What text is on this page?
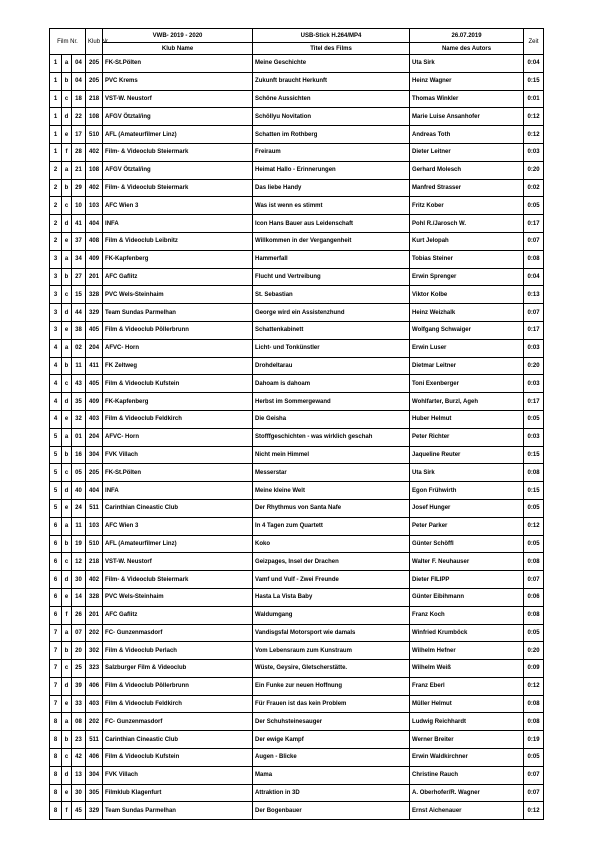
Film Nr.			Klub Nr.	VWB- 2019 - 2020	USB-Stick H.264/MP4	26.07.2019	Zeit
				Klub Name	Titel des Films	Name des Autors	
1	a	04	205	FK-St.Pölten	Meine Geschichte	Uta Sirk	0:04
1	b	04	205	PVC Krems	Zukunft braucht Herkunft	Heinz Wagner	0:15
1	c	18	218	VST-W. Neustorf	Schöne Aussichten	Thomas Winkler	0:01
1	d	22	108	AFGV Ötztal/ing	Schöllyu Novitation	Marie Luise Ansanhofer	0:12
1	e	17	510	AFL (Amateurfilmer Linz)	Schatten im Rothberg	Andreas Toth	0:12
1	f	28	402	Film- & Videoclub Steiermark	Freiraum	Dieter Leitner	0:03
2	a	21	108	AFGV Ötztal/ing	Heimat Hallo - Erinnerungen	Gerhard Molesch	0:20
2	b	29	402	Film- & Videoclub Steiermark	Das liebe Handy	Manfred Strasser	0:02
2	c	10	103	AFC Wien 3	Was ist wenn es stimmt	Fritz Kober	0:05
2	d	41	404	INFA	Icon Hans Bauer aus Leidenschaft	Pohl R./Jarosch W.	0:17
2	e	37	408	Film & Videoclub Leibnitz	Willkommen in der Vergangenheit	Kurt Jelopah	0:07
3	a	34	409	FK-Kapfenberg	Hammerfall	Tobias Steiner	0:08
3	b	27	201	AFC Gaflitz	Flucht und Vertreibung	Erwin Sprenger	0:04
3	c	15	328	PVC Wels-Steinhaim	St. Sebastian	Viktor Kolbe	0:13
3	d	44	329	Team Sundas Parmelhan	George wird ein Assistenzhund	Heinz Weizhalk	0:07
3	e	38	405	Film & Videoclub Pöllerbrunn	Schattenkabinett	Wolfgang Schwaiger	0:17
4	a	02	204	AFVC- Horn	Licht- und Tonkünstler	Erwin Luser	0:03
4	b	11	411	FK Zeltweg	Drohdeltarau	Dietmar Leitner	0:20
4	c	43	405	Film & Videoclub Kufstein	Dahoam is dahoam	Toni Exenberger	0:03
4	d	35	409	FK-Kapfenberg	Herbst im Sommergewand	Wohlfarter, Burzl, Ageh	0:17
4	e	32	403	Film & Videoclub Feldkirch	Die Geisha	Huber Helmut	0:05
5	a	01	204	AFVC- Horn	Stofffgeschichten - was wirklich geschah	Peter Richter	0:03
5	b	16	304	FVK Villach	Nicht mein Himmel	Jaqueline Reuter	0:15
5	c	05	205	FK-St.Pölten	Messerstar	Uta Sirk	0:08
5	d	40	404	INFA	Meine kleine Welt	Egon Frühwirth	0:15
5	e	24	511	Carinthian Cineastic Club	Der Rhythmus von Santa Nafe	Josef Hunger	0:05
6	a	11	103	AFC Wien 3	In 4 Tagen zum Quartett	Peter Parker	0:12
6	b	19	510	AFL (Amateurfilmer Linz)	Koko	Günter Schöffl	0:05
6	c	12	218	VST-W. Neustorf	Geizpages, Insel der Drachen	Walter F. Neuhauser	0:08
6	d	30	402	Film- & Videoclub Steiermark	Vamf und Vulf - Zwei Freunde	Dieter FILIPP	0:07
6	e	14	328	PVC Wels-Steinhaim	Hasta La Vista Baby	Günter Eibihmann	0:06
6	f	26	201	AFC Gaflitz	Waldumgang	Franz Koch	0:08
7	a	07	202	FC- Gunzenmasdorf	Vandisgsfal Motorsport wie damals	Winfried Krumböck	0:05
7	b	20	302	Film & Videoclub Perlach	Vom Lebensraum zum Kunstraum	Wilhelm Hefner	0:20
7	c	25	323	Salzburger Film & Videoclub	Wüste, Geysire, Gletscherstätte.	Wilhelm Weiß	0:09
7	d	39	406	Film & Videoclub Pöllerbrunn	Ein Funke zur neuen Hoffnung	Franz Eberl	0:12
7	e	33	403	Film & Videoclub Feldkirch	Für Frauen ist das kein Problem	Müller Helmut	0:08
8	a	08	202	FC- Gunzenmasdorf	Der Schuhsteinesauger	Ludwig Reichhardt	0:08
8	b	23	511	Carinthian Cineastic Club	Der ewige Kampf	Werner Breiter	0:19
8	c	42	406	Film & Videoclub Kufstein	Augen - Blicke	Erwin Waldkirchner	0:05
8	d	13	304	FVK Villach	Mama	Christine Rauch	0:07
8	e	30	305	Filmklub Klagenfurt	Attraktion in 3D	A. Oberhofer/R. Wagner	0:07
8	f	45	329	Team Sundas Parmelhan	Der Bogenbauer	Ernst Aichenauer	0:12
